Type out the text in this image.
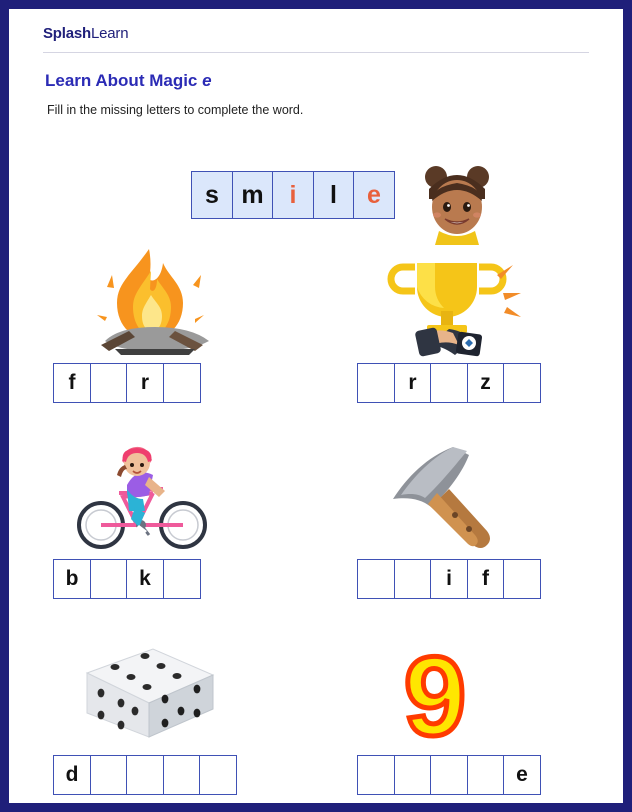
SplashLearn
Learn About Magic e

Fill in the missing letters to complete the word.

s m	i	l	e
f	r	r	z
b	k	i	f
d
9
e
